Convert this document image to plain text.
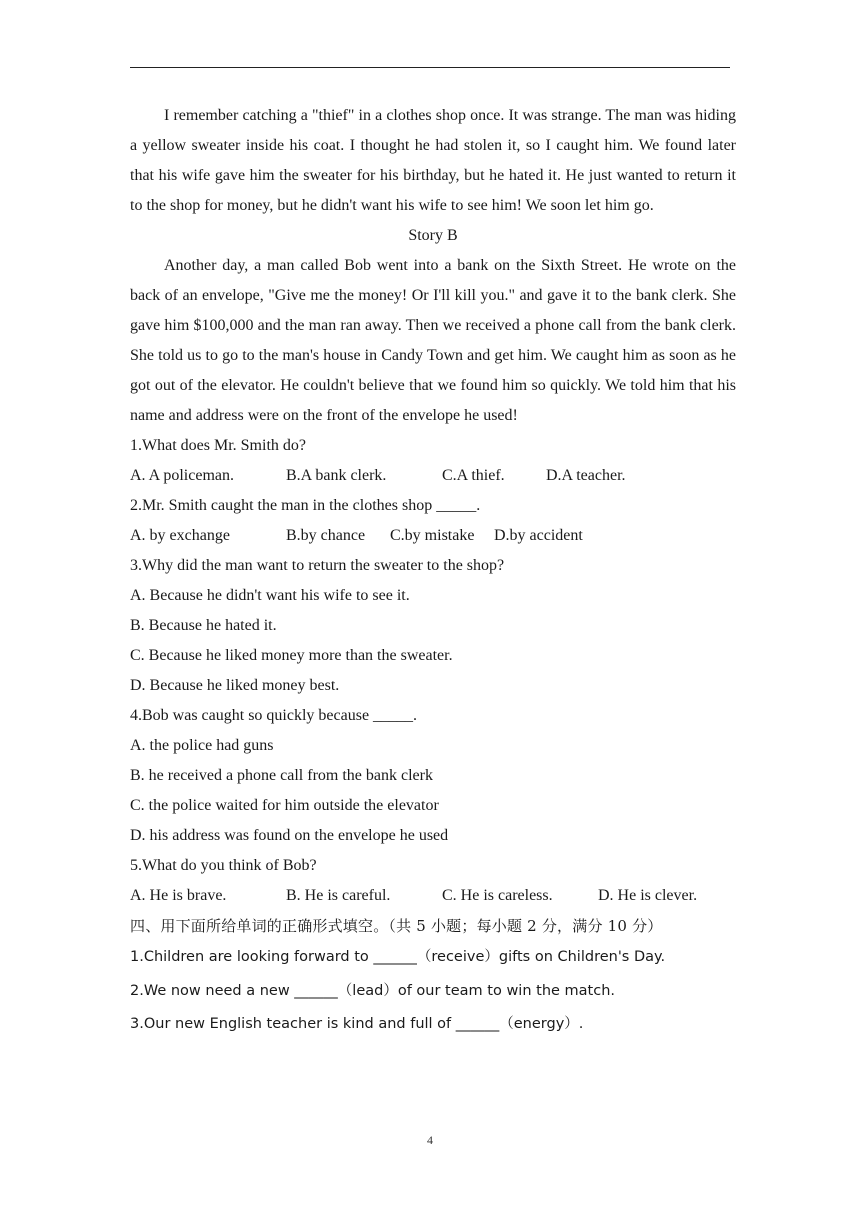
I remember catching a "thief" in a clothes shop once. It was strange. The man was hiding a yellow sweater inside his coat. I thought he had stolen it, so I caught him. We found later that his wife gave him the sweater for his birthday, but he hated it. He just wanted to return it to the shop for money, but he didn't want his wife to see him! We soon let him go.

Story B

Another day, a man called Bob went into a bank on the Sixth Street. He wrote on the back of an envelope, "Give me the money! Or I'll kill you." and gave it to the bank clerk. She gave him $100,000 and the man ran away. Then we received a phone call from the bank clerk. She told us to go to the man's house in Candy Town and get him. We caught him as soon as he got out of the elevator. He couldn't believe that we found him so quickly. We told him that his name and address were on the front of the envelope he used!

1.What does Mr. Smith do?

A. A policeman.	B.A bank clerk.	C.A thief.	D.A teacher.

2.Mr. Smith caught the man in the clothes shop _____.

A. by exchange	B.by chance	C.by mistake	D.by accident

3.Why did the man want to return the sweater to the shop?

A. Because he didn't want his wife to see it.

B. Because he hated it.

C. Because he liked money more than the sweater.

D. Because he liked money best.

4.Bob was caught so quickly because _____.

A. the police had guns

B. he received a phone call from the bank clerk

C. the police waited for him outside the elevator

D. his address was found on the envelope he used

5.What do you think of Bob?

A. He is brave.	B. He is careful.	C. He is careless.	D. He is clever.

四、用下面所给单词的正确形式填空。（共 5 小题；每小题 2 分，满分 10 分）

1.Children are looking forward to ______（receive）gifts on Children's Day.

2.We now need a new ______（lead）of our team to win the match.

3.Our new English teacher is kind and full of ______（energy）.

4
